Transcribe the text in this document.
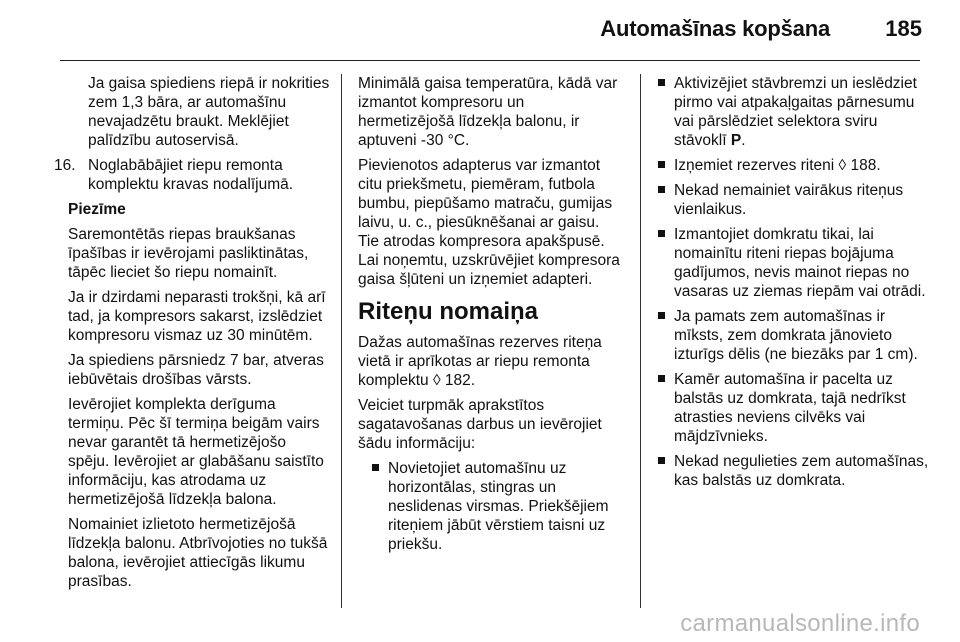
Automašīnas kopšana	185

Ja gaisa spiediens riepā ir nokrities zem 1,3 bāra, ar automašīnu nevajadzētu braukt. Meklējiet palīdzību autoservisā.

16. Noglabābājiet riepu remonta komplektu kravas nodalījumā.

Piezīme

Saremontētās riepas braukšanas īpašības ir ievērojami pasliktinātas, tāpēc lieciet šo riepu nomainīt.

Ja ir dzirdami neparasti trokšņi, kā arī tad, ja kompresors sakarst, izslēdziet kompresoru vismaz uz 30 minūtēm.

Ja spiediens pārsniedz 7 bar, atveras iebūvētais drošības vārsts.

Ievērojiet komplekta derīguma termiņu. Pēc šī termiņa beigām vairs nevar garantēt tā hermetizējošo spēju. Ievērojiet ar glabāšanu saistīto informāciju, kas atrodama uz hermetizējošā līdzekļa balona.

Nomainiet izlietoto hermetizējošā līdzekļa balonu. Atbrīvojoties no tukšā balona, ievērojiet attiecīgās likumu prasības.

Minimālā gaisa temperatūra, kādā var izmantot kompresoru un hermetizējošā līdzekļa balonu, ir aptuveni -30 °C.

Pievienotos adapterus var izmantot citu priekšmetu, piemēram, futbola bumbu, piepūšamo matraču, gumijas laivu, u. c., piesūknēšanai ar gaisu. Tie atrodas kompresora apakšpusē. Lai noņemtu, uzskrūvējiet kompresora gaisa šļūteni un izņemiet adapteri.

Riteņu nomaiņa

Dažas automašīnas rezerves riteņa vietā ir aprīkotas ar riepu remonta komplektu ◊ 182.

Veiciet turpmāk aprakstītos sagatavošanas darbus un ievērojiet šādu informāciju:

Novietojiet automašīnu uz horizontālas, stingras un neslidenas virsmas. Priekšējiem riteņiem jābūt vērstiem taisni uz priekšu.
Aktivizējiet stāvbremzi un ieslēdziet pirmo vai atpakaļgaitas pārnesumu vai pārslēdziet selektora sviru stāvoklī P.
Izņemiet rezerves riteni ◊ 188.
Nekad nemainiet vairākus riteņus vienlaikus.
Izmantojiet domkratu tikai, lai nomainītu riteni riepas bojājuma gadījumos, nevis mainot riepas no vasaras uz ziemas riepām vai otrādi.
Ja pamats zem automašīnas ir mīksts, zem domkrata jānovieto izturīgs dēlis (ne biezāks par 1 cm).
Kamēr automašīna ir pacelta uz balstās uz domkrata, tajā nedrīkst atrasties neviens cilvēks vai mājdzīvnieks.
Nekad negulieties zem automašīnas, kas balstās uz domkrata.
carmanualsonline.info
